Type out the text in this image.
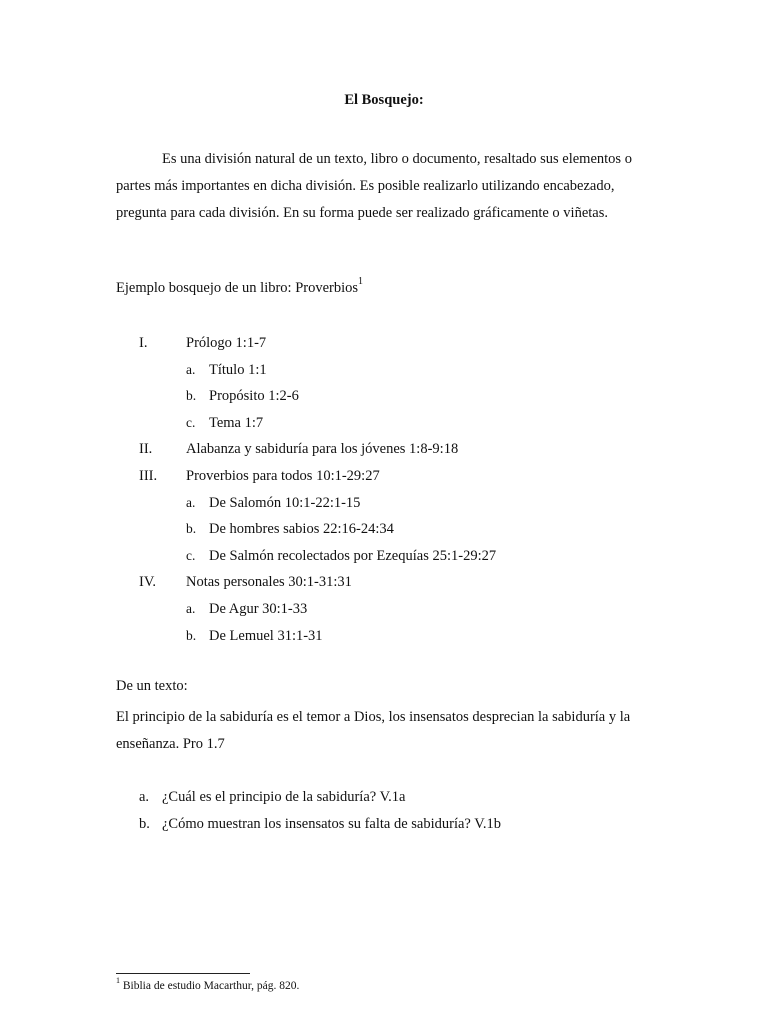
El Bosquejo:

Es una división natural de un texto, libro o documento, resaltado sus elementos o partes más importantes en dicha división. Es posible realizarlo utilizando encabezado, pregunta para cada división. En su forma puede ser realizado gráficamente o viñetas.

Ejemplo bosquejo de un libro: Proverbios$^1$
I.	Prólogo 1:1-7
a. Título 1:1
b. Propósito 1:2-6
c. Tema 1:7
II. Alabanza y sabiduría para los jóvenes 1:8-9:18
III. Proverbios para todos 10:1-29:27
a. De Salomón 10:1-22:1-15
b. De hombres sabios 22:16-24:34
c. De Salmón recolectados por Ezequías 25:1-29:27
IV. Notas personales 30:1-31:31
a. De Agur 30:1-33
b. De Lemuel 31:1-31
De un texto:

El principio de la sabiduría es el temor a Dios, los insensatos desprecian la sabiduría y la enseñanza. Pro 1.7

a. ¿Cuál es el principio de la sabiduría? V.1a
b. ¿Cómo muestran los insensatos su falta de sabiduría? V.1b
$^1$ Biblia de estudio Macarthur, pág. 820.
